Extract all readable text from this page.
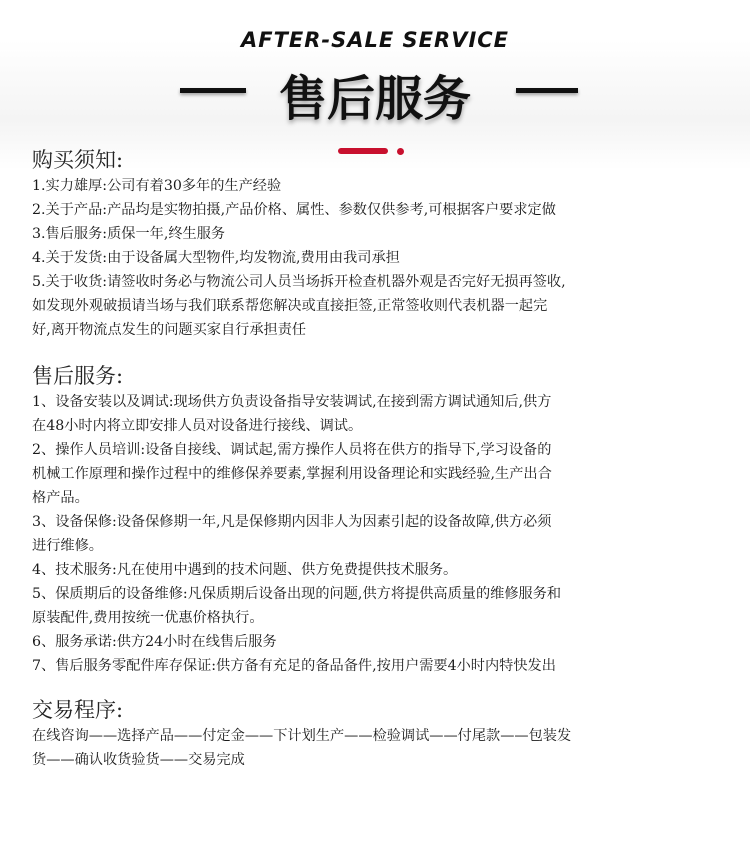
AFTER-SALE SERVICE
售后服务
购买须知:
1.实力雄厚:公司有着30多年的生产经验
2.关于产品:产品均是实物拍摄,产品价格、属性、参数仅供参考,可根据客户要求定做
3.售后服务:质保一年,终生服务
4.关于发货:由于设备属大型物件,均发物流,费用由我司承担
5.关于收货:请签收时务必与物流公司人员当场拆开检查机器外观是否完好无损再签收,
如发现外观破损请当场与我们联系帮您解决或直接拒签,正常签收则代表机器一起完
好,离开物流点发生的问题买家自行承担责任
售后服务:
1、设备安装以及调试:现场供方负责设备指导安装调试,在接到需方调试通知后,供方
在48小时内将立即安排人员对设备进行接线、调试。
2、操作人员培训:设备自接线、调试起,需方操作人员将在供方的指导下,学习设备的
机械工作原理和操作过程中的维修保养要素,掌握利用设备理论和实践经验,生产出合
格产品。
3、设备保修:设备保修期一年,凡是保修期内因非人为因素引起的设备故障,供方必须
进行维修。
4、技术服务:凡在使用中遇到的技术问题、供方免费提供技术服务。
5、保质期后的设备维修:凡保质期后设备出现的问题,供方将提供高质量的维修服务和
原装配件,费用按统一优惠价格执行。
6、服务承诺:供方24小时在线售后服务
7、售后服务零配件库存保证:供方备有充足的备品备件,按用户需要4小时内特快发出
交易程序:
在线咨询——选择产品——付定金——下计划生产——检验调试——付尾款——包装发
货——确认收货验货——交易完成
